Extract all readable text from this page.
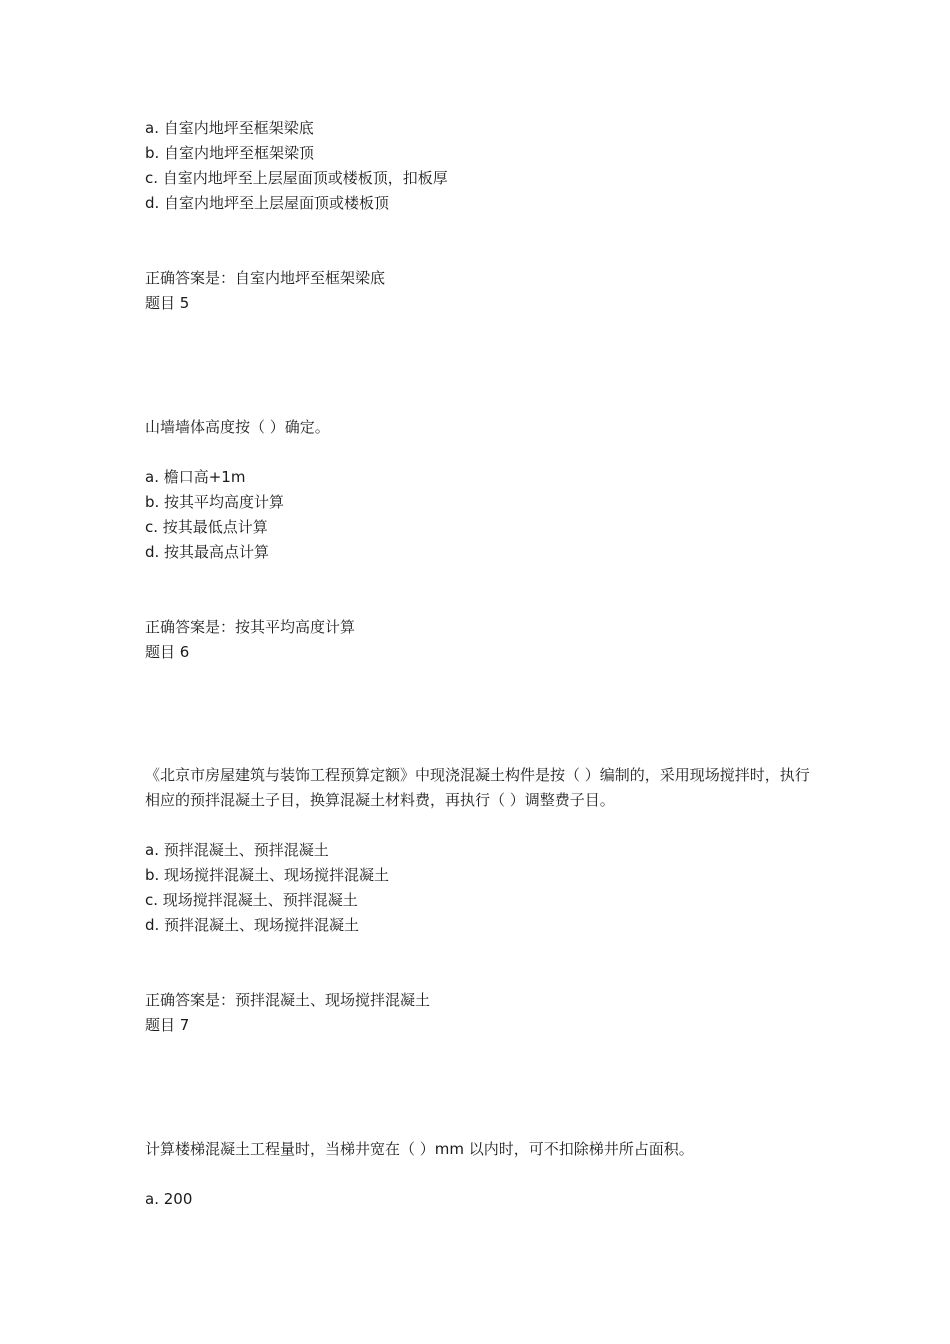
a. 自室内地坪至框架梁底
b. 自室内地坪至框架梁顶
c. 自室内地坪至上层屋面顶或楼板顶，扣板厚
d. 自室内地坪至上层屋面顶或楼板顶
正确答案是：自室内地坪至框架梁底
题目 5
山墙墙体高度按（ ）确定。
a. 檐口高+1m
b. 按其平均高度计算
c. 按其最低点计算
d. 按其最高点计算
正确答案是：按其平均高度计算
题目 6
《北京市房屋建筑与装饰工程预算定额》中现浇混凝土构件是按（ ）编制的，采用现场搅拌时，执行相应的预拌混凝土子目，换算混凝土材料费，再执行（ ）调整费子目。
a. 预拌混凝土、预拌混凝土
b. 现场搅拌混凝土、现场搅拌混凝土
c. 现场搅拌混凝土、预拌混凝土
d. 预拌混凝土、现场搅拌混凝土
正确答案是：预拌混凝土、现场搅拌混凝土
题目 7
计算楼梯混凝土工程量时，当梯井宽在（ ）mm 以内时，可不扣除梯井所占面积。
a. 200
